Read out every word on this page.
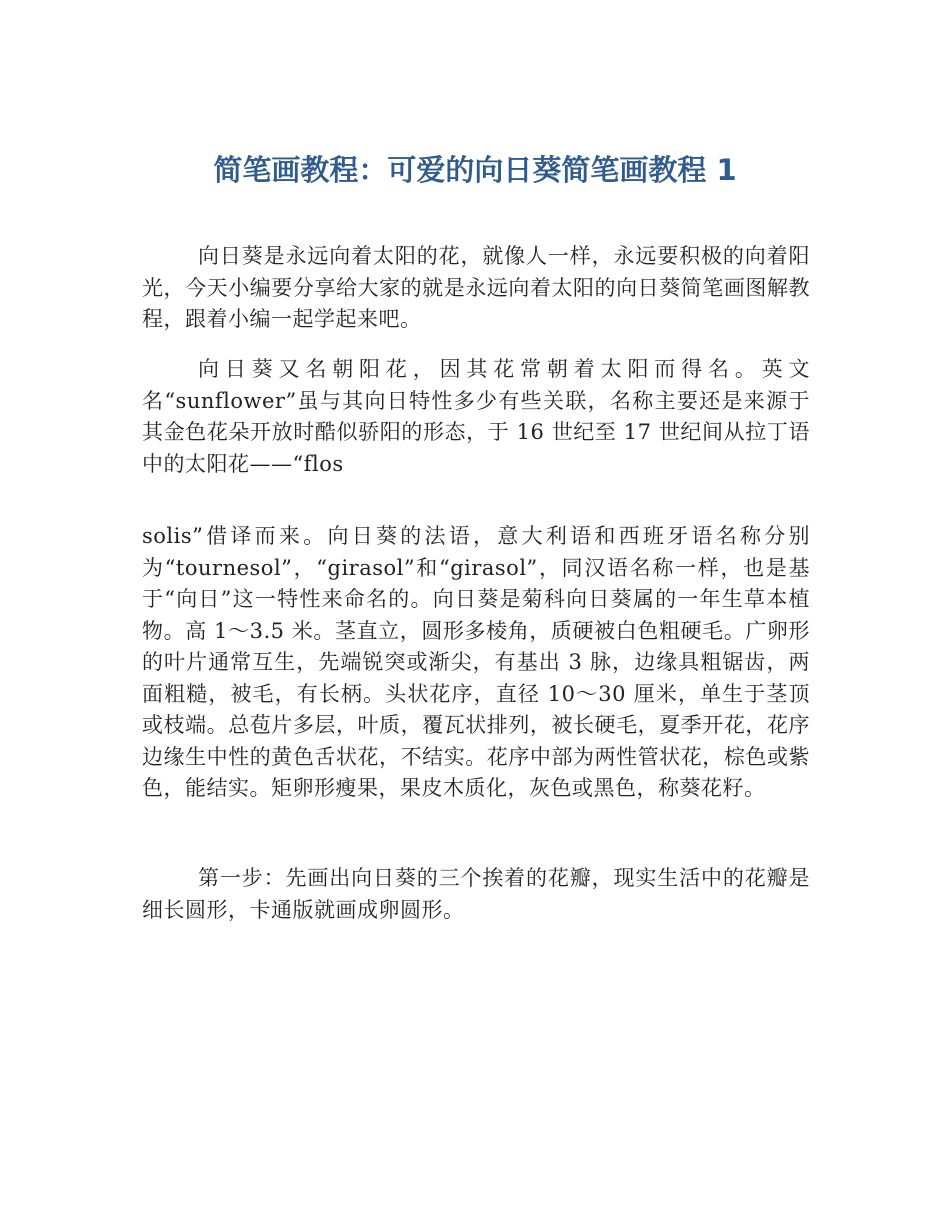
简笔画教程：可爱的向日葵简笔画教程 1

向日葵是永远向着太阳的花，就像人一样，永远要积极的向着阳光，今天小编要分享给大家的就是永远向着太阳的向日葵简笔画图解教程，跟着小编一起学起来吧。

向日葵又名朝阳花，因其花常朝着太阳而得名。英文名“sunflower”虽与其向日特性多少有些关联，名称主要还是来源于其金色花朵开放时酷似骄阳的形态，于 16 世纪至 17 世纪间从拉丁语中的太阳花——“flos

solis”借译而来。向日葵的法语，意大利语和西班牙语名称分别为“tournesol”，“girasol”和“girasol”，同汉语名称一样，也是基于“向日”这一特性来命名的。向日葵是菊科向日葵属的一年生草本植物。高 1～3.5 米。茎直立，圆形多棱角，质硬被白色粗硬毛。广卵形的叶片通常互生，先端锐突或渐尖，有基出 3 脉，边缘具粗锯齿，两面粗糙，被毛，有长柄。头状花序，直径 10～30 厘米，单生于茎顶或枝端。总苞片多层，叶质，覆瓦状排列，被长硬毛，夏季开花，花序边缘生中性的黄色舌状花，不结实。花序中部为两性管状花，棕色或紫色，能结实。矩卵形瘦果，果皮木质化，灰色或黑色，称葵花籽。

第一步：先画出向日葵的三个挨着的花瓣，现实生活中的花瓣是细长圆形，卡通版就画成卵圆形。
